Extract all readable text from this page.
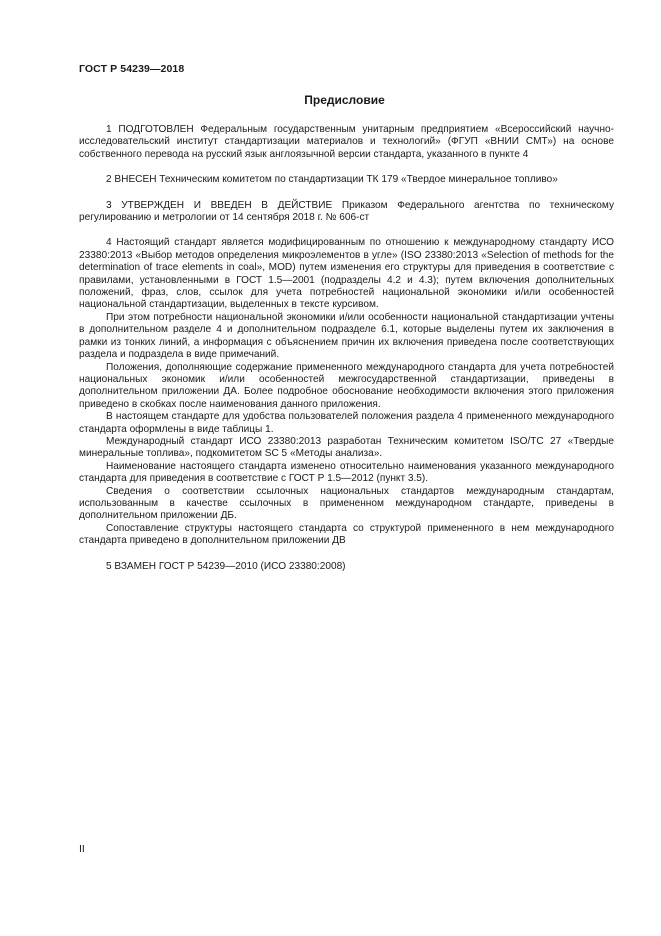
ГОСТ Р 54239—2018
Предисловие

1 ПОДГОТОВЛЕН Федеральным государственным унитарным предприятием «Всероссийский научно-исследовательский институт стандартизации материалов и технологий» (ФГУП «ВНИИ СМТ») на основе собственного перевода на русский язык англоязычной версии стандарта, указанного в пункте 4

2 ВНЕСЕН Техническим комитетом по стандартизации ТК 179 «Твердое минеральное топливо»

3 УТВЕРЖДЕН И ВВЕДЕН В ДЕЙСТВИЕ Приказом Федерального агентства по техническому регулированию и метрологии от 14 сентября 2018 г. № 606-ст

4 Настоящий стандарт является модифицированным по отношению к международному стандарту ИСО 23380:2013 «Выбор методов определения микроэлементов в угле» (ISO 23380:2013 «Selection of methods for the determination of trace elements in coal», MOD) путем изменения его структуры для приведения в соответствие с правилами, установленными в ГОСТ 1.5—2001 (подразделы 4.2 и 4.3); путем включения дополнительных положений, фраз, слов, ссылок для учета потребностей национальной экономики и/или особенностей национальной стандартизации, выделенных в тексте курсивом.

При этом потребности национальной экономики и/или особенности национальной стандартизации учтены в дополнительном разделе 4 и дополнительном подразделе 6.1, которые выделены путем их заключения в рамки из тонких линий, а информация с объяснением причин их включения приведена после соответствующих раздела и подраздела в виде примечаний.

Положения, дополняющие содержание примененного международного стандарта для учета потребностей национальных экономик и/или особенностей межгосударственной стандартизации, приведены в дополнительном приложении ДА. Более подробное обоснование необходимости включения этого приложения приведено в скобках после наименования данного приложения.

В настоящем стандарте для удобства пользователей положения раздела 4 примененного международного стандарта оформлены в виде таблицы 1.

Международный стандарт ИСО 23380:2013 разработан Техническим комитетом ISO/TC 27 «Твердые минеральные топлива», подкомитетом SC 5 «Методы анализа».

Наименование настоящего стандарта изменено относительно наименования указанного международного стандарта для приведения в соответствие с ГОСТ Р 1.5—2012 (пункт 3.5).

Сведения о соответствии ссылочных национальных стандартов международным стандартам, использованным в качестве ссылочных в примененном международном стандарте, приведены в дополнительном приложении ДБ.

Сопоставление структуры настоящего стандарта со структурой примененного в нем международного стандарта приведено в дополнительном приложении ДВ

5 ВЗАМЕН ГОСТ Р 54239—2010 (ИСО 23380:2008)

II
